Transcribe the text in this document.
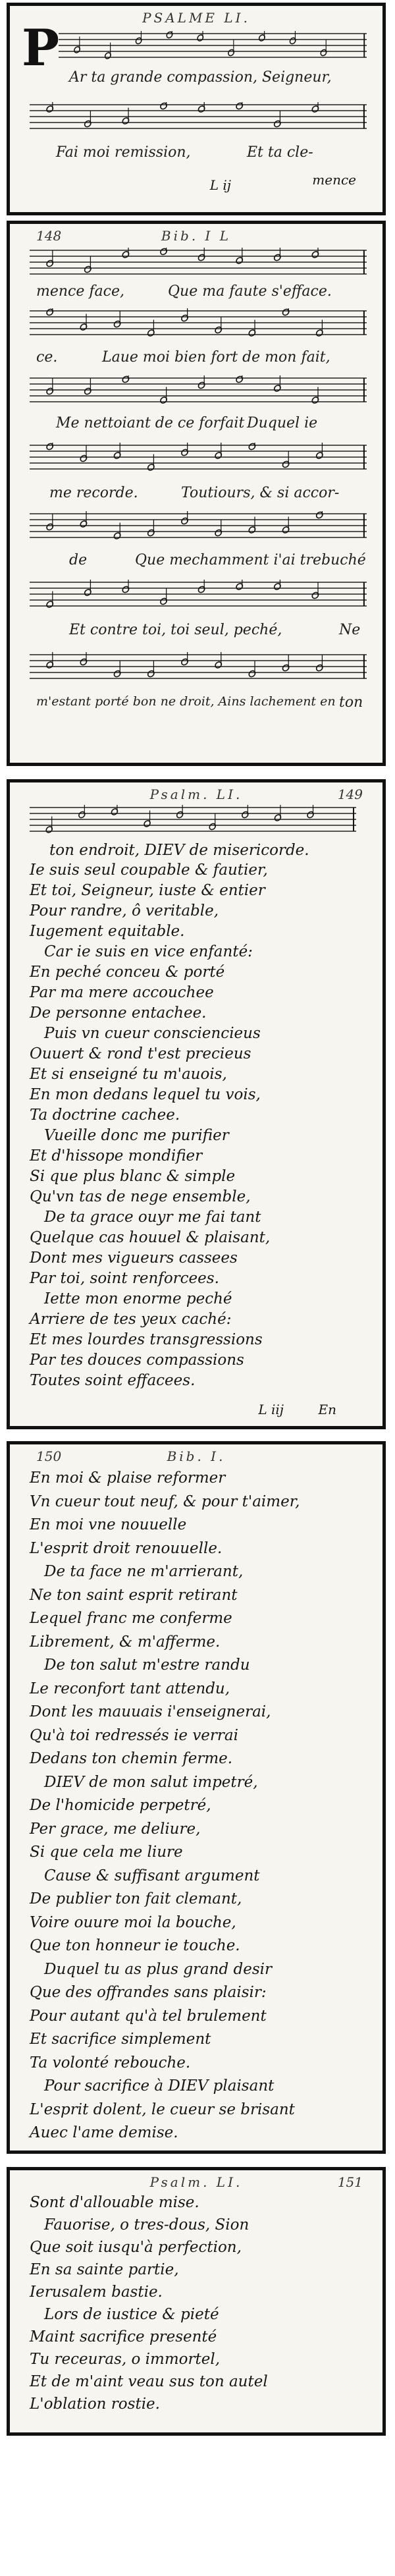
PSALME LI.
P
Ar ta grande compassion, Seigneur,
Fai moi remission,	Et ta cle-
L ij	mence
148	Bib. I L
mence face,	Que ma faute s'efface.
ce.	Laue moi bien fort de mon fait,
Me nettoiant de ce forfait Duquel ie
me recorde.	Toutiours, & si accor-
de	Que mechamment i'ai trebuché
Et contre toi, toi seul, peché,	Ne
m'estant porté bon ne droit, Ains lachement en ton
Psalm. LI.	149
ton endroit, DIEV de misericorde.
Ie suis seul coupable & fautier,
Et toi, Seigneur, iuste & entier
Pour randre, ô veritable,
Iugement equitable.
Car ie suis en vice enfanté:
En peché conceu & porté
Par ma mere accouchee
De personne entachee.
Puis vn cueur consciencieus
Ouuert & rond t'est precieus
Et si enseigné tu m'auois,
En mon dedans lequel tu vois,
Ta doctrine cachee.
Vueille donc me purifier
Et d'hissope mondifier
Si que plus blanc & simple
Qu'vn tas de nege ensemble,
De ta grace ouyr me fai tant
Quelque cas houuel & plaisant,
Dont mes vigueurs cassees
Par toi, soint renforcees.
Iette mon enorme peché
Arriere de tes yeux caché:
Et mes lourdes transgressions
Par tes douces compassions
Toutes soint effacees.
L iij	En
150	Bib. I.
En moi & plaise reformer
Vn cueur tout neuf, & pour t'aimer,
En moi vne nouuelle
L'esprit droit renouuelle.
De ta face ne m'arrierant,
Ne ton saint esprit retirant
Lequel franc me conferme
Librement, & m'afferme.
De ton salut m'estre randu
Le reconfort tant attendu,
Dont les mauuais i'enseignerai,
Qu'à toi redressés ie verrai
Dedans ton chemin ferme.
DIEV de mon salut impetré,
De l'homicide perpetré,
Per grace, me deliure,
Si que cela me liure
Cause & suffisant argument
De publier ton fait clemant,
Voire ouure moi la bouche,
Que ton honneur ie touche.
Duquel tu as plus grand desir
Que des offrandes sans plaisir:
Pour autant qu'à tel brulement
Et sacrifice simplement
Ta volonté rebouche.
Pour sacrifice à DIEV plaisant
L'esprit dolent, le cueur se brisant
Auec l'ame demise.
Psalm. LI.	151
Sont d'allouable mise.
Fauorise, o tres-dous, Sion
Que soit iusqu'à perfection,
En sa sainte partie,
Ierusalem bastie.
Lors de iustice & pieté
Maint sacrifice presenté
Tu receuras, o immortel,
Et de m'aint veau sus ton autel
L'oblation rostie.
